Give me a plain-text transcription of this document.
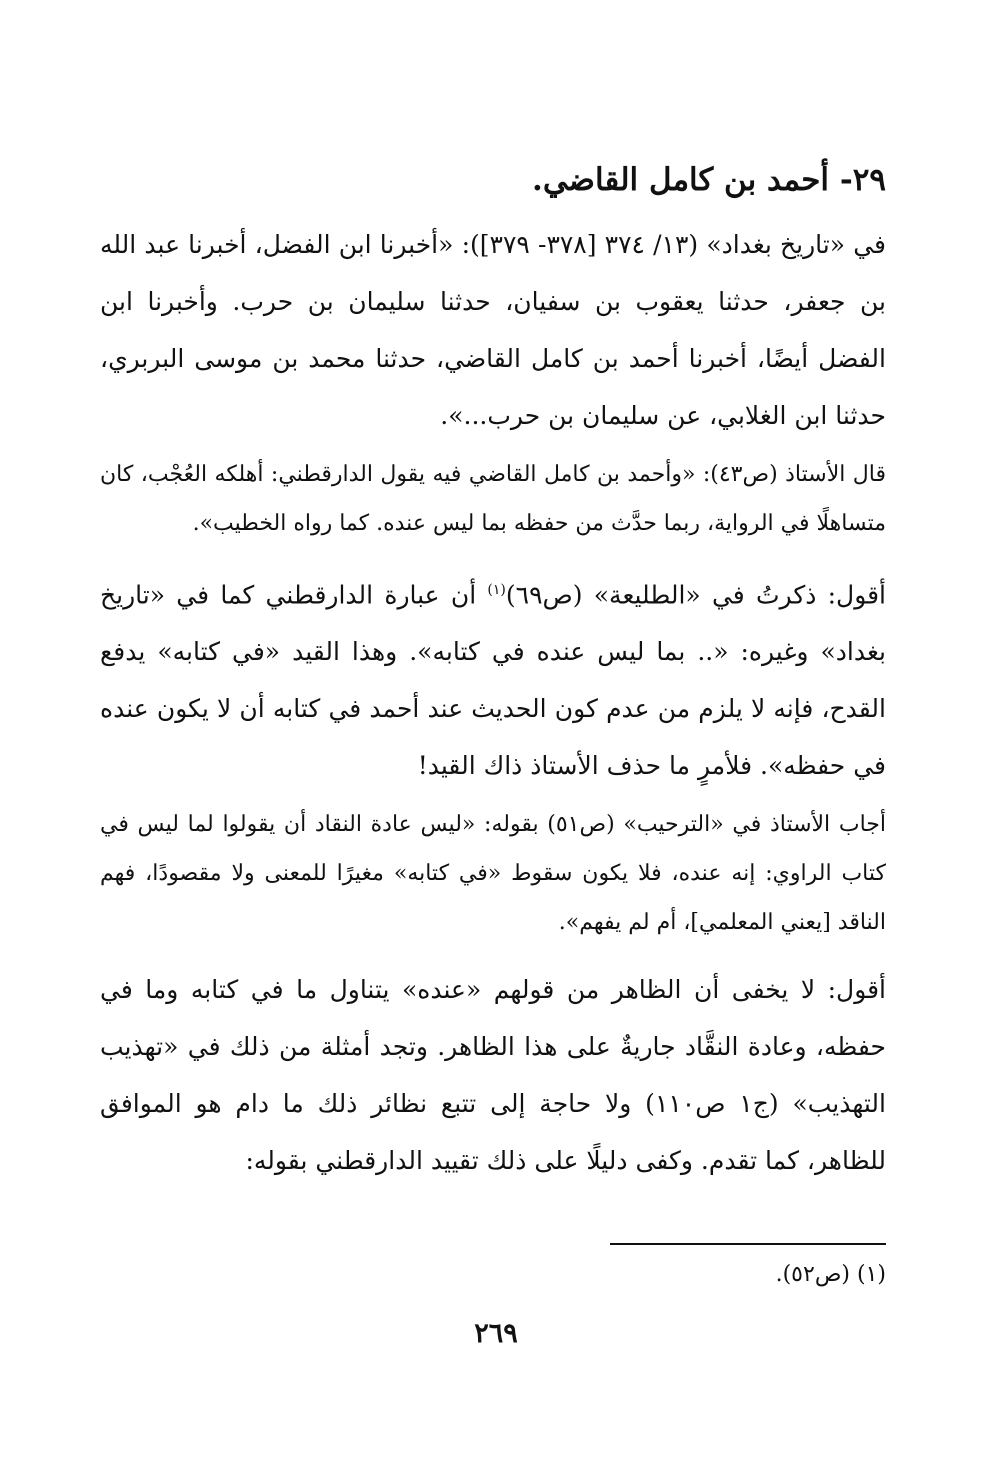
٢٩- أحمد بن كامل القاضي.

في «تاريخ بغداد» (١٣/ ٣٧٤ [٣٧٨- ٣٧٩]): «أخبرنا ابن الفضل، أخبرنا عبد الله بن جعفر، حدثنا يعقوب بن سفيان، حدثنا سليمان بن حرب. وأخبرنا ابن الفضل أيضًا، أخبرنا أحمد بن كامل القاضي، حدثنا محمد بن موسى البربري، حدثنا ابن الغلابي، عن سليمان بن حرب...».

قال الأستاذ (ص٤٣): «وأحمد بن كامل القاضي فيه يقول الدارقطني: أهلكه العُجْب، كان متساهلًا في الرواية، ربما حدَّث من حفظه بما ليس عنده. كما رواه الخطيب».

أقول: ذكرتُ في «الطليعة» (ص٦٩)$^{(١)}$ أن عبارة الدارقطني كما في «تاريخ بغداد» وغيره: «.. بما ليس عنده في كتابه». وهذا القيد «في كتابه» يدفع القدح، فإنه لا يلزم من عدم كون الحديث عند أحمد في كتابه أن لا يكون عنده في حفظه». فلأمرٍ ما حذف الأستاذ ذاك القيد!

أجاب الأستاذ في «الترحيب» (ص٥١) بقوله: «ليس عادة النقاد أن يقولوا لما ليس في كتاب الراوي: إنه عنده، فلا يكون سقوط «في كتابه» مغيرًا للمعنى ولا مقصودًا، فهم الناقد [يعني المعلمي]، أم لم يفهم».

أقول: لا يخفى أن الظاهر من قولهم «عنده» يتناول ما في كتابه وما في حفظه، وعادة النقَّاد جاريةٌ على هذا الظاهر. وتجد أمثلة من ذلك في «تهذيب التهذيب» (ج١ ص١١٠) ولا حاجة إلى تتبع نظائر ذلك ما دام هو الموافق للظاهر، كما تقدم. وكفى دليلًا على ذلك تقييد الدارقطني بقوله:

(١) (ص٥٢).
٢٦٩
